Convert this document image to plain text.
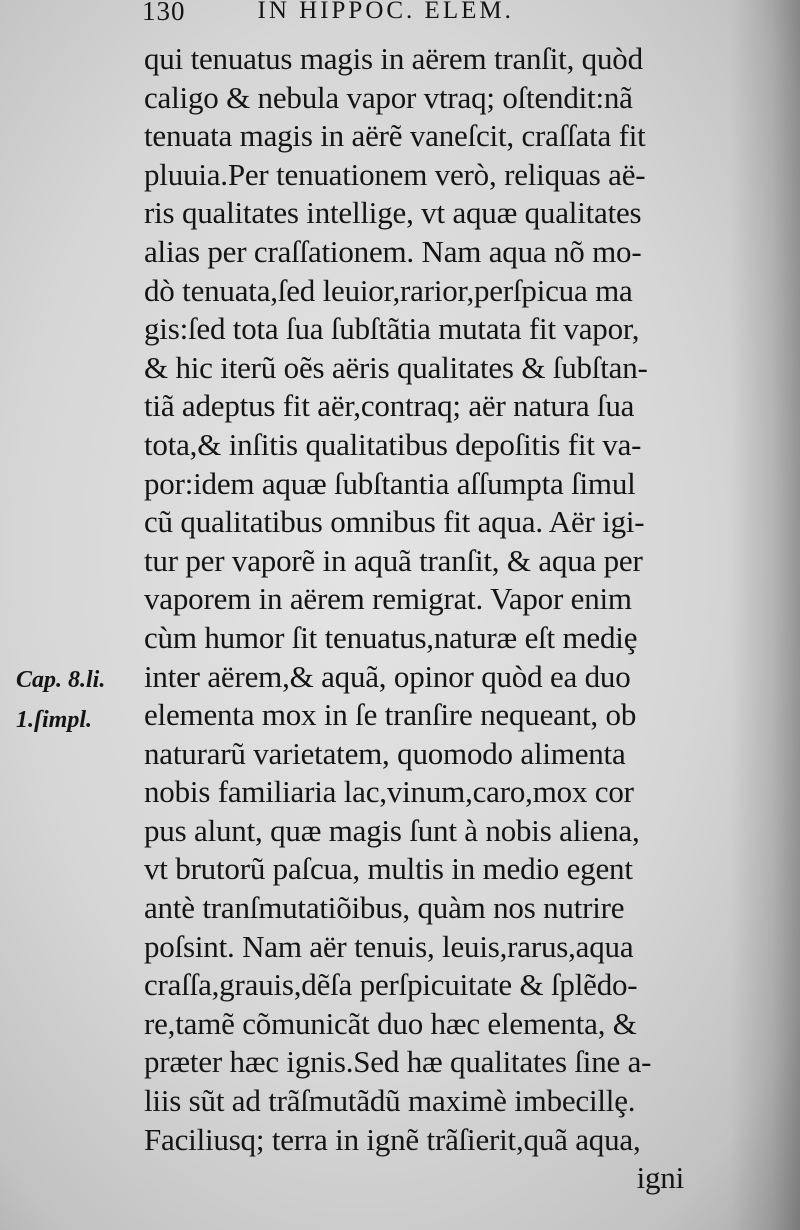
130	IN HIPPOC. ELEM.
Cap. 8.li.
1.ſimpl.
qui tenuatus magis in aërem tranſit, quòd
caligo & nebula vapor vtraq; oſtendit:nã
tenuata magis in aërẽ vaneſcit, craſſata fit
pluuia.Per tenuationem verò, reliquas aë-
ris qualitates intellige, vt aquæ qualitates
alias per craſſationem. Nam aqua nõ mo-
dò tenuata,ſed leuior,rarior,perſpicua ma
gis:ſed tota ſua ſubſtãtia mutata fit vapor,
& hic iterũ oẽs aëris qualitates & ſubſtan-
tiã adeptus fit aër,contraq; aër natura ſua
tota,& inſitis qualitatibus depoſitis fit va-
por:idem aquæ ſubſtantia aſſumpta ſimul
cũ qualitatibus omnibus fit aqua. Aër igi-
tur per vaporẽ in aquã tranſit, & aqua per
vaporem in aërem remigrat. Vapor enim
cùm humor ſit tenuatus,naturæ eſt mediȩ
inter aërem,& aquã, opinor quòd ea duo
elementa mox in ſe tranſire nequeant, ob
naturarũ varietatem, quomodo alimenta
nobis familiaria lac,vinum,caro,mox cor
pus alunt, quæ magis ſunt à nobis aliena,
vt brutorũ paſcua, multis in medio egent
antè tranſmutatiõibus, quàm nos nutrire
poſsint. Nam aër tenuis, leuis,rarus,aqua
craſſa,grauis,dẽſa perſpicuitate & ſplẽdo-
re,tamẽ cõmunicãt duo hæc elementa, &
præter hæc ignis.Sed hæ qualitates ſine a-
liis sũt ad trãſmutãdũ maximè imbecillȩ.
Faciliusq; terra in ignẽ trãſierit,quã aqua,
igni
